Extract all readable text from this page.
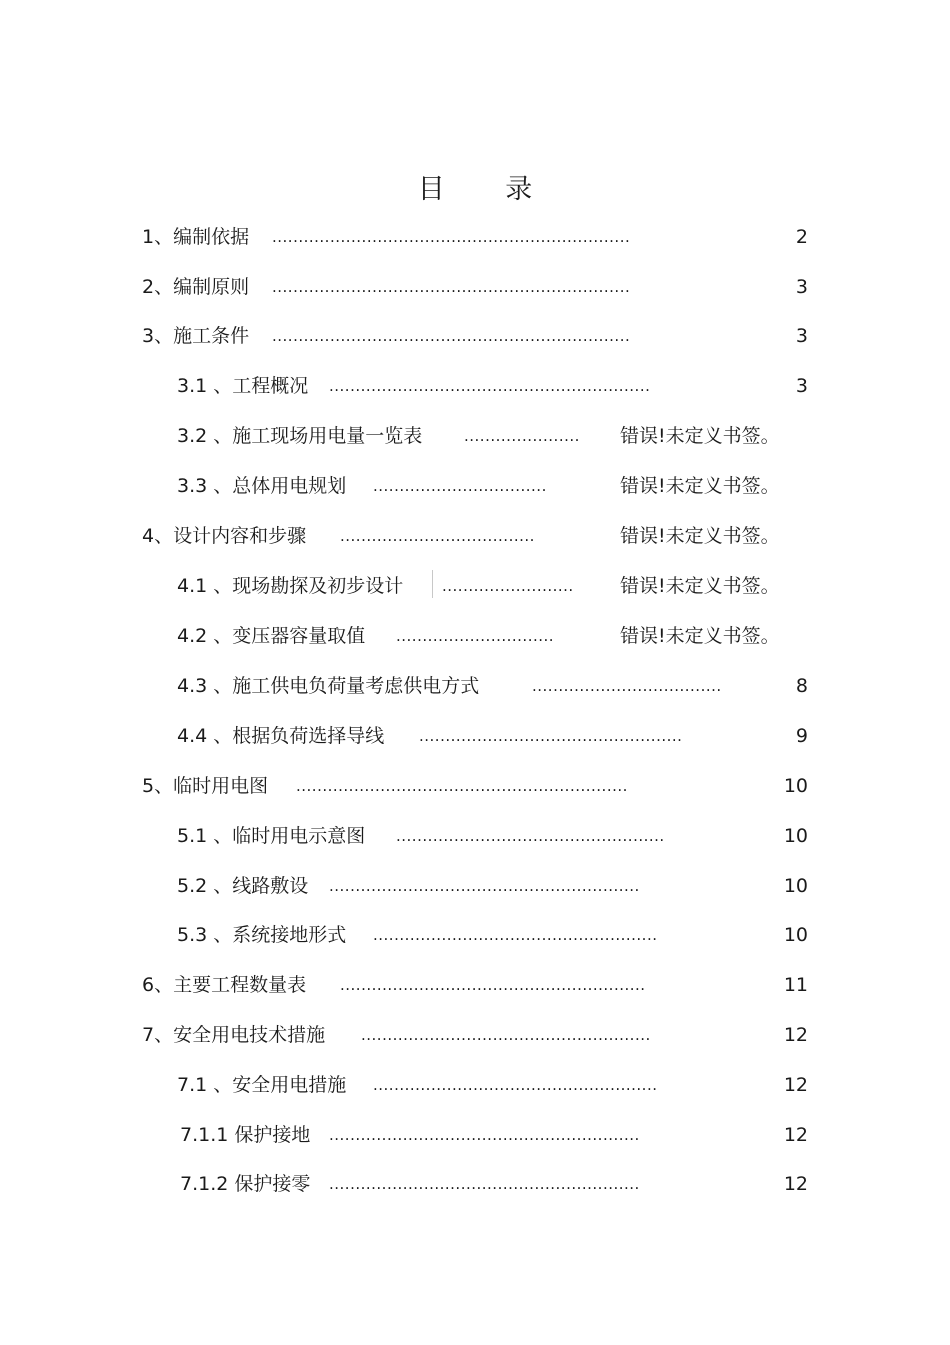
目 录
1、编制依据 ....................................................................	2
2、编制原则 ....................................................................	3
3、施工条件 ....................................................................	3
3.1 、工程概况 .............................................................	3
3.2 、施工现场用电量一览表	...................... 错误!未定义书签。
3.3 、总体用电规划 .................................	错误!未定义书签。
4、设计内容和步骤 .....................................	错误!未定义书签。
4.1 、现场勘探及初步设计	......................... 错误!未定义书签。
4.2 、变压器容量取值 ..............................	错误!未定义书签。
4.3 、施工供电负荷量考虑供电方式	....................................	8
4.4 、根据负荷选择导线 ..................................................	9
5、临时用电图 ...............................................................	10
5.1 、临时用电示意图 ...................................................	10
5.2 、线路敷设 ...........................................................	10
5.3 、系统接地形式 ......................................................	10
6、主要工程数量表 ..........................................................	11
7、安全用电技术措施 .......................................................	12
7.1 、安全用电措施 ......................................................	12
7.1.1 保护接地 ...........................................................	12
7.1.2 保护接零 ...........................................................	12
